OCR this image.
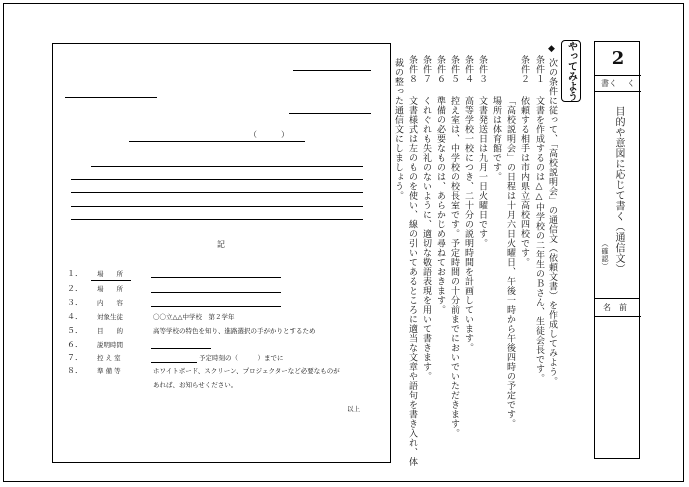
（　　　）
記
１． 場　　所
２． 場　　所
３． 内　　容
４． 対象生徒	〇〇立△△中学校　第２学年
５． 目　　的	高等学校の特色を知り、進路選択の手がかりとするため
６． 説明時間
７． 控 え 室	予定時刻の（　　　）までに
８． 準 備 等	ホワイトボード、スクリーン、プロジェクターなど必要なものが
あれば、お知らせください。
以上
◆	やってみよう
次の条件に従って、「高校説明会」の通信文（依頼文書）を作成してみよう。
条件１
文書を作成するのは△△中学校の二年生のＢさん、生徒会長です。
条件２
依頼する相手は市内県立高校四校です。
「高校説明会」の日程は十月六日火曜日、午後一時から午後四時の予定です。
場所は体育館です。
条件３
文書発送日は九月一日火曜日です。
条件４
高等学校一校につき、二十分の説明時間を計画しています。
条件５
控え室は、中学校の校長室です。予定時間の十分前までにおいでいただきます。
条件６
準備の必要なものは、あらかじめ尋ねておきます。
条件７
くれぐれも失礼のないように、適切な敬語表現を用いて書きます。
条件８
文書様式は左のものを使い、線の引いてあるところに適当な文章や語句を書き入れ、体
裁の整った通信文にしましょう。	2
書く く
目的や意図に応じて書く（通信文）
（確認）
名　前
